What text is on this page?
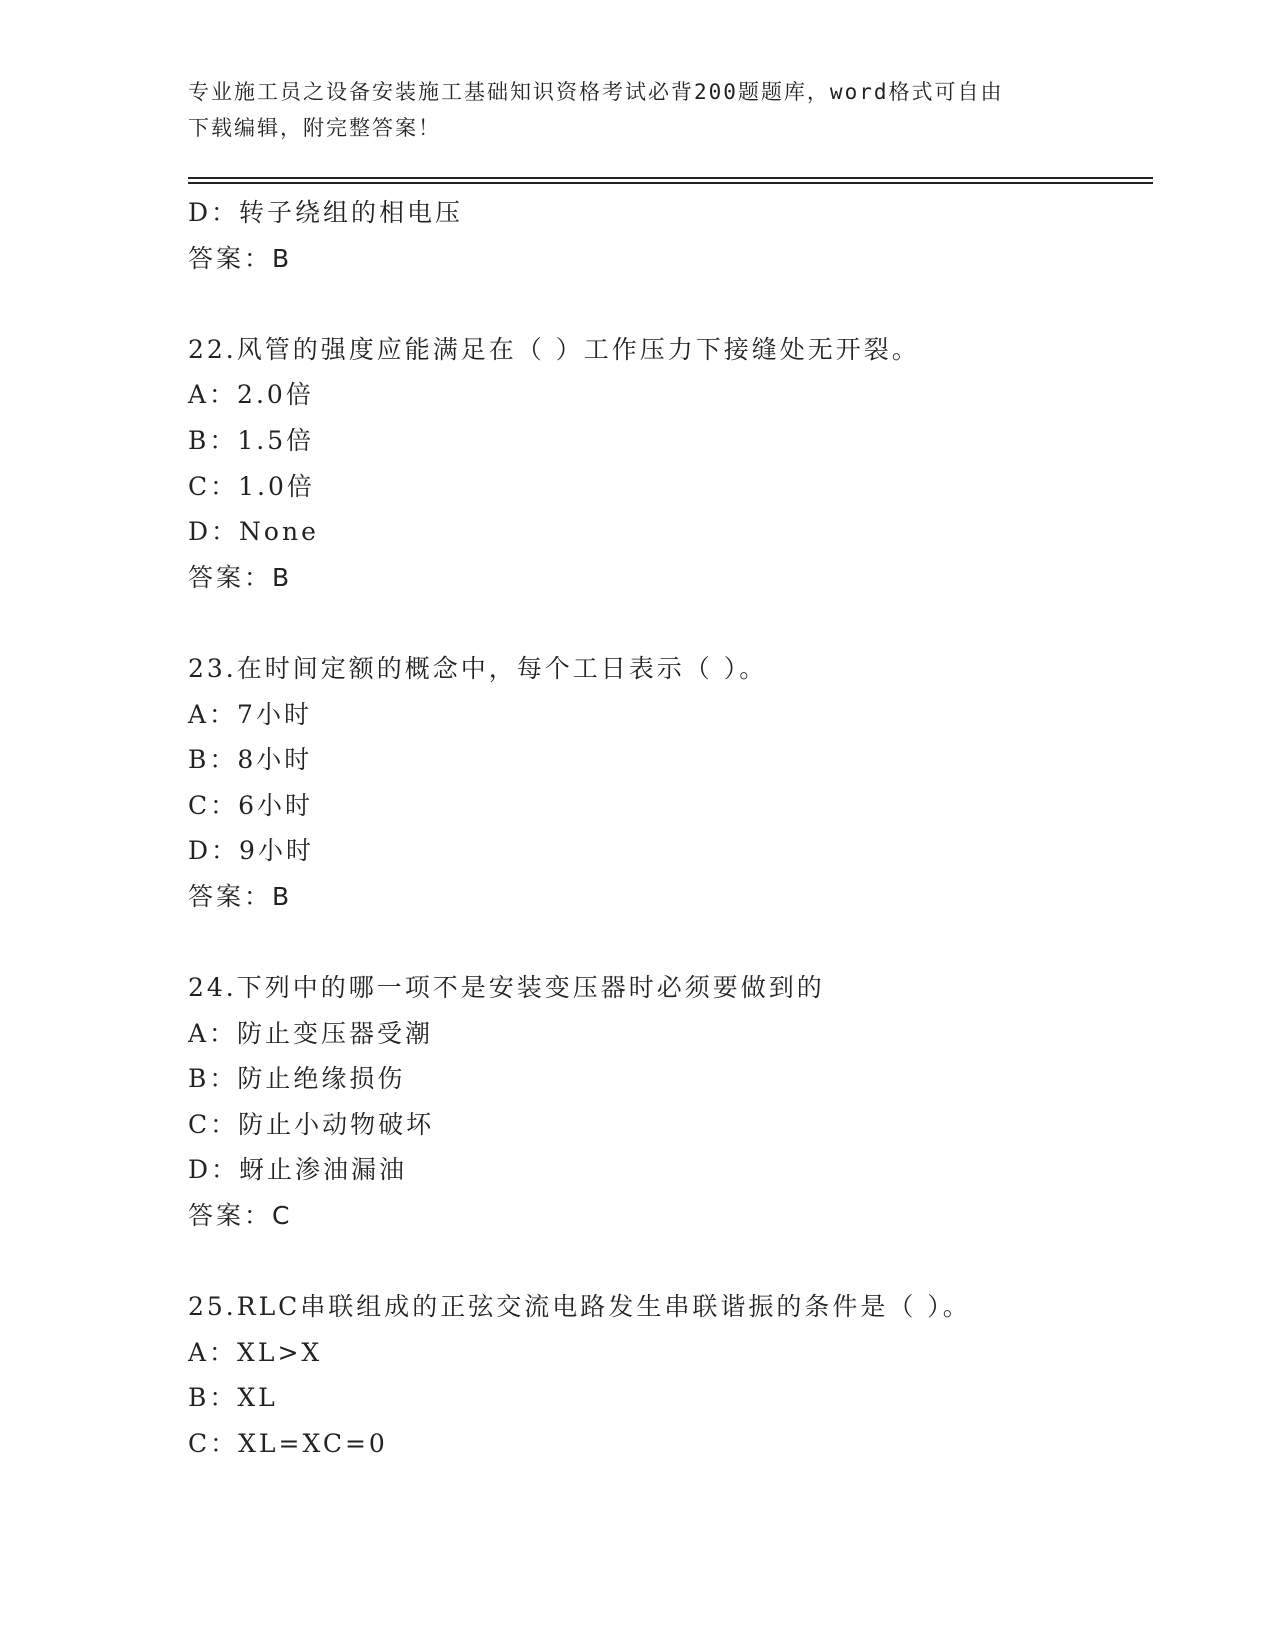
专业施工员之设备安装施工基础知识资格考试必背200题题库，word格式可自由
下载编辑，附完整答案！
D：转子绕组的相电压
答案：B
22.风管的强度应能满足在（ ）工作压力下接缝处无开裂。
A：2.0倍
B：1.5倍
C：1.0倍
D：None
答案：B
23.在时间定额的概念中，每个工日表示（ ）。
A：7小时
B：8小时
C：6小时
D：9小时
答案：B
24.下列中的哪一项不是安装变压器时必须要做到的
A：防止变压器受潮
B：防止绝缘损伤
C：防止小动物破坏
D：蚜止渗油漏油
答案：C
25.RLC串联组成的正弦交流电路发生串联谐振的条件是（ ）。
A：XL>X
B：XL
C：XL=XC=0
